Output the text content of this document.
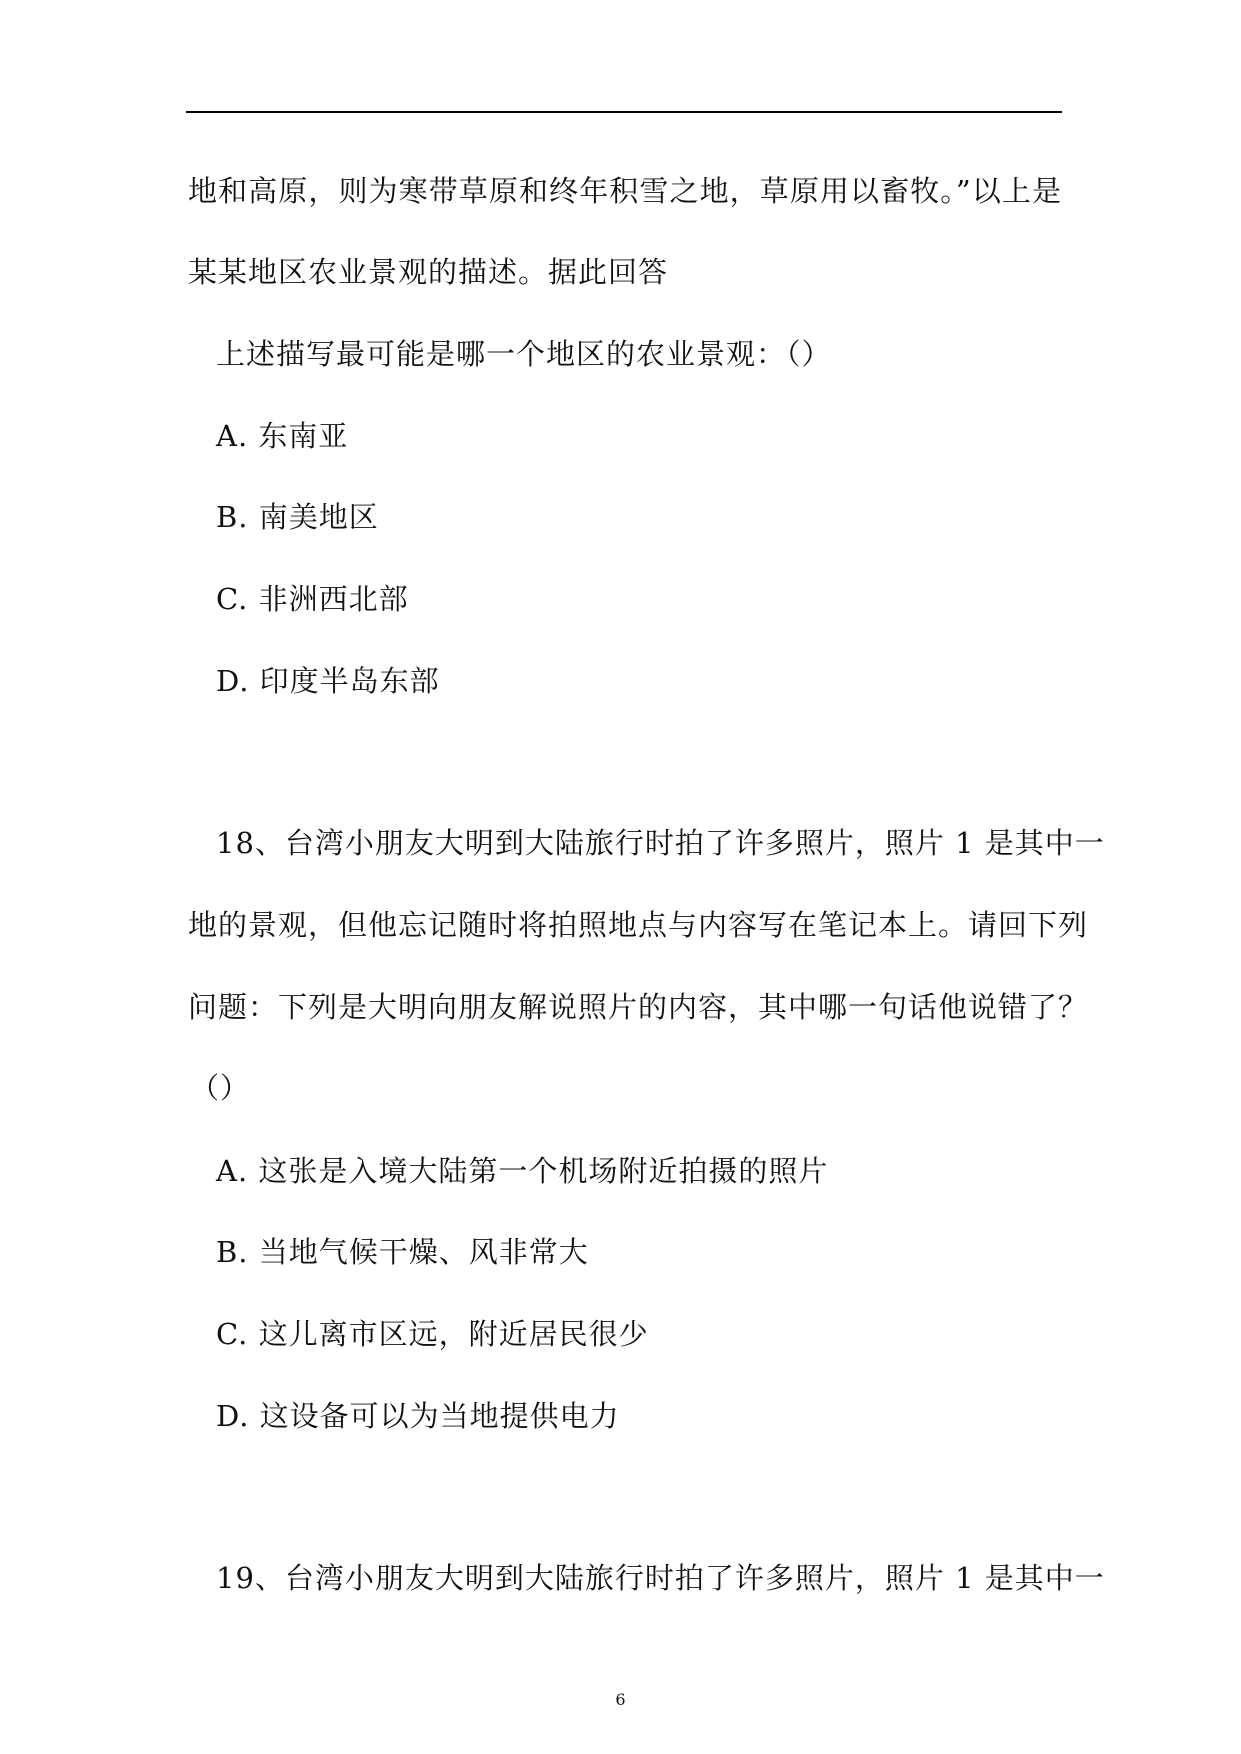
地和高原，则为寒带草原和终年积雪之地，草原用以畜牧。”以上是
某某地区农业景观的描述。据此回答
上述描写最可能是哪一个地区的农业景观：（）
A. 东南亚
B. 南美地区
C. 非洲西北部
D. 印度半岛东部
18、台湾小朋友大明到大陆旅行时拍了许多照片，照片 1 是其中一
地的景观，但他忘记随时将拍照地点与内容写在笔记本上。请回下列
问题：下列是大明向朋友解说照片的内容，其中哪一句话他说错了？
（）
A. 这张是入境大陆第一个机场附近拍摄的照片
B. 当地气候干燥、风非常大
C. 这儿离市区远，附近居民很少
D. 这设备可以为当地提供电力
19、台湾小朋友大明到大陆旅行时拍了许多照片，照片 1 是其中一
6
